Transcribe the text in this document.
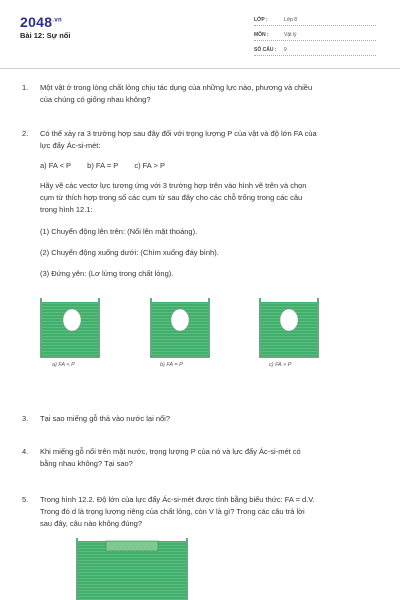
$2048^{.vn}$
Bài 12: Sự nổi
LỚP :	Lớp 8
MÔN :	Vật lý
SỐ CÂU : 9
1. Một vật ở trong lòng chất lỏng chịu tác dụng của những lực nào, phương và chiều
của chúng có giống nhau không?
2. Có thể xảy ra 3 trường hợp sau đây đối với trọng lượng P của vật và độ lớn FA của
lực đẩy Ác-si-mét:
a) FA < P b) FA = P c) FA > P
Hãy vẽ các vectơ lực tương ứng với 3 trường hợp trên vào hình vẽ trên và chọn
cụm từ thích hợp trong số các cụm từ sau đây cho các chỗ trống trong các câu
trong hình 12.1:
(1) Chuyển động lên trên: (Nổi lên mặt thoáng).
(2) Chuyển động xuống dưới: (Chìm xuống đáy bình).
(3) Đứng yên: (Lơ lửng trong chất lỏng).
a) FA < P	b) FA = P	c) FA > P
3. Tại sao miếng gỗ thả vào nước lại nổi?
4. Khi miếng gỗ nổi trên mặt nước, trọng lượng P của nó và lực đẩy Ác-si-mét có
bằng nhau không? Tại sao?
5. Trong hình 12.2. Độ lớn của lực đẩy Ác-si-mét được tính bằng biểu thức: FA = d.V.
Trong đó d là trọng lượng riêng của chất lỏng, còn V là gì? Trong các câu trả lời
sau đây, câu nào không đúng?
